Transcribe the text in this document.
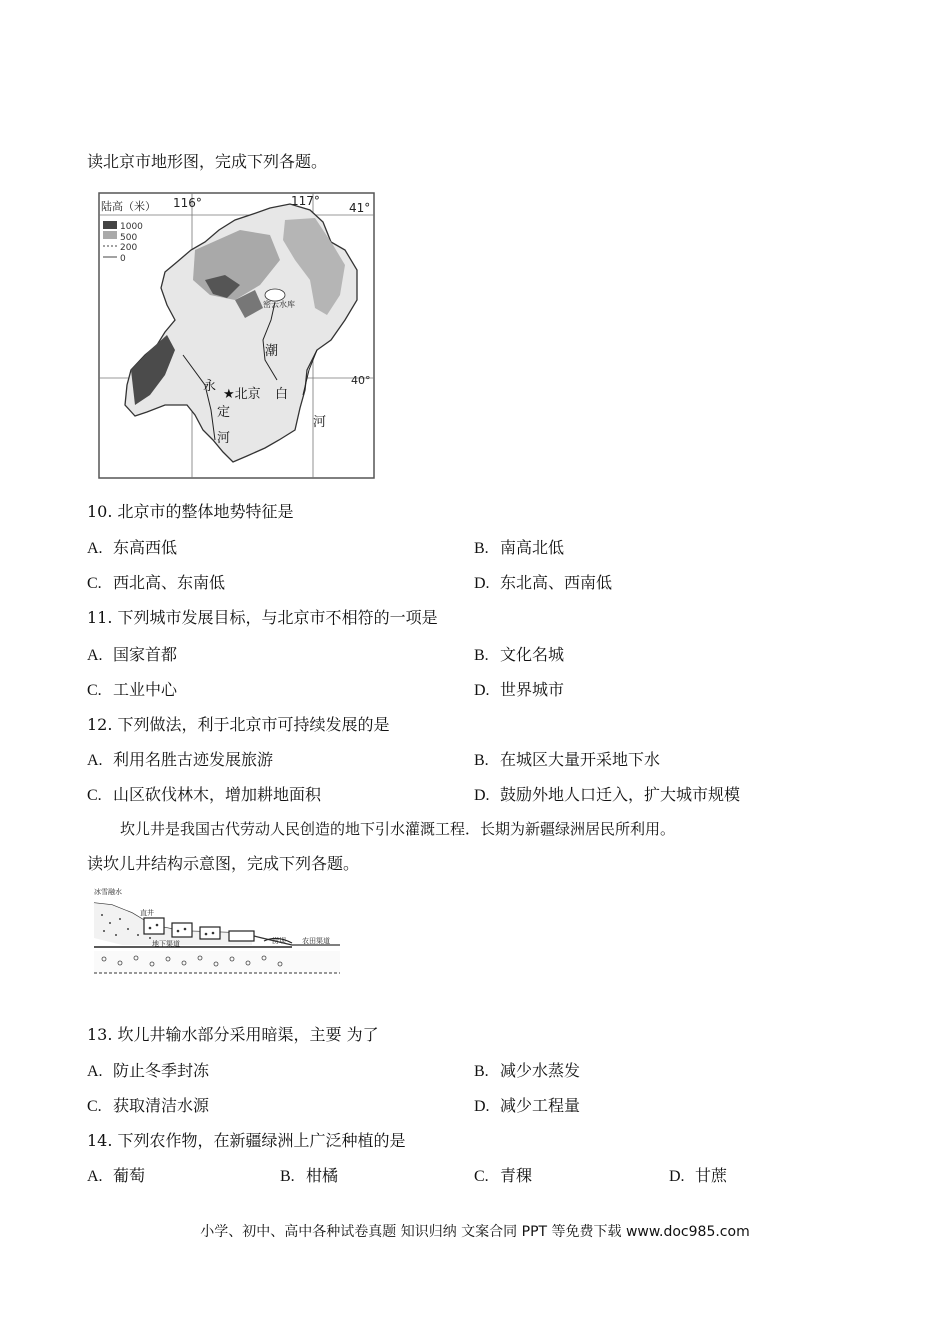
读北京市地形图，完成下列各题。
陆高（米）
1000
500
200
0
116°	117° 41°
40°
密云水库
★北京
潮
白
河
永
定
河
10. 北京市的整体地势特征是
A. 东高西低	B. 南高北低
C. 西北高、东南低	D. 东北高、西南低
11. 下列城市发展目标，与北京市不相符的一项是
A. 国家首都	B. 文化名城
C. 工业中心	D. 世界城市
12. 下列做法，利于北京市可持续发展的是
A. 利用名胜古迹发展旅游	B. 在城区大量开采地下水
C. 山区砍伐林木，增加耕地面积	D. 鼓励外地人口迁入，扩大城市规模
坎儿井是我国古代劳动人民创造的地下引水灌溉工程．长期为新疆绿洲居民所利用。
读坎儿井结构示意图，完成下列各题。
冰雪融水
直井
地下渠道	涝坝 农田渠道
13. 坎儿井输水部分采用暗渠，主要 为了
A. 防止冬季封冻	B. 减少水蒸发
C. 获取清洁水源	D. 减少工程量
14. 下列农作物，在新疆绿洲上广泛种植的是
A. 葡萄	B. 柑橘	C. 青稞	D. 甘蔗
小学、初中、高中各种试卷真题 知识归纳 文案合同 PPT 等免费下载 www.doc985.com
